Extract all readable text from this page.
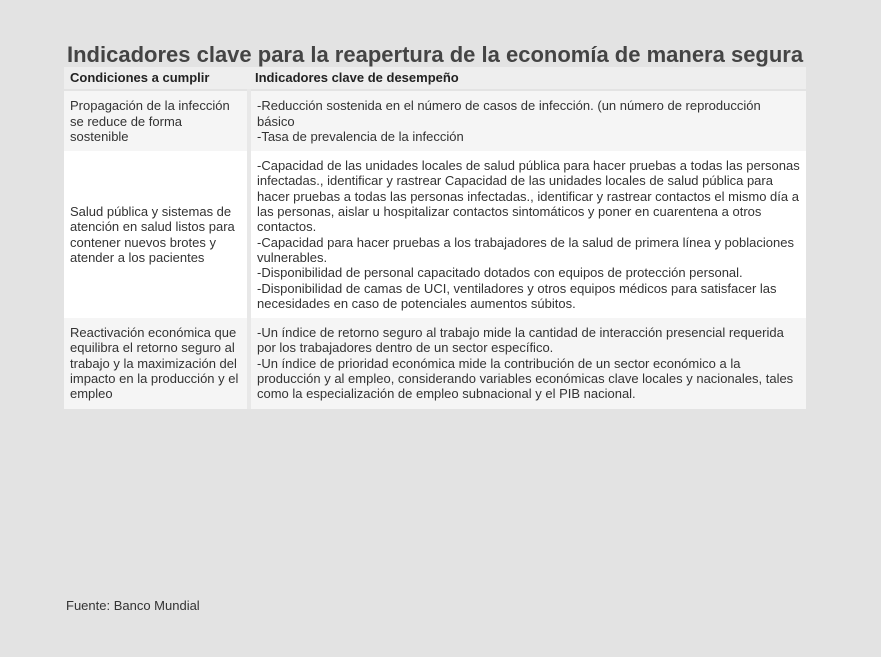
Indicadores clave para la reapertura de la economía de manera segura
Condiciones a cumplir	Indicadores clave de desempeño
Propagación de la infección se reduce de forma sostenible	-Reducción sostenida en el número de casos de infección. (un número de reproducción básico
-Tasa de prevalencia de la infección

Salud pública y sistemas de atención en salud listos para contener nuevos brotes y atender a los pacientes	-Capacidad de las unidades locales de salud pública para hacer pruebas a todas las personas infectadas., identificar y rastrear Capacidad de las unidades locales de salud pública para hacer pruebas a todas las personas infectadas., identificar y rastrear contactos el mismo día a las personas, aislar u hospitalizar contactos sintomáticos y poner en cuarentena a otros contactos.
-Capacidad para hacer pruebas a los trabajadores de la salud de primera línea y poblaciones vulnerables.
-Disponibilidad de personal capacitado dotados con equipos de protección personal.
-Disponibilidad de camas de UCI, ventiladores y otros equipos médicos para satisfacer las necesidades en caso de potenciales aumentos súbitos.

Reactivación económica que equilibra el retorno seguro al trabajo y la maximización del impacto en la producción y el empleo	-Un índice de retorno seguro al trabajo mide la cantidad de interacción presencial requerida por los trabajadores dentro de un sector específico.
-Un índice de prioridad económica mide la contribución de un sector económico a la producción y al empleo, considerando variables económicas clave locales y nacionales, tales como la especialización de empleo subnacional y el PIB nacional.
Fuente: Banco Mundial
